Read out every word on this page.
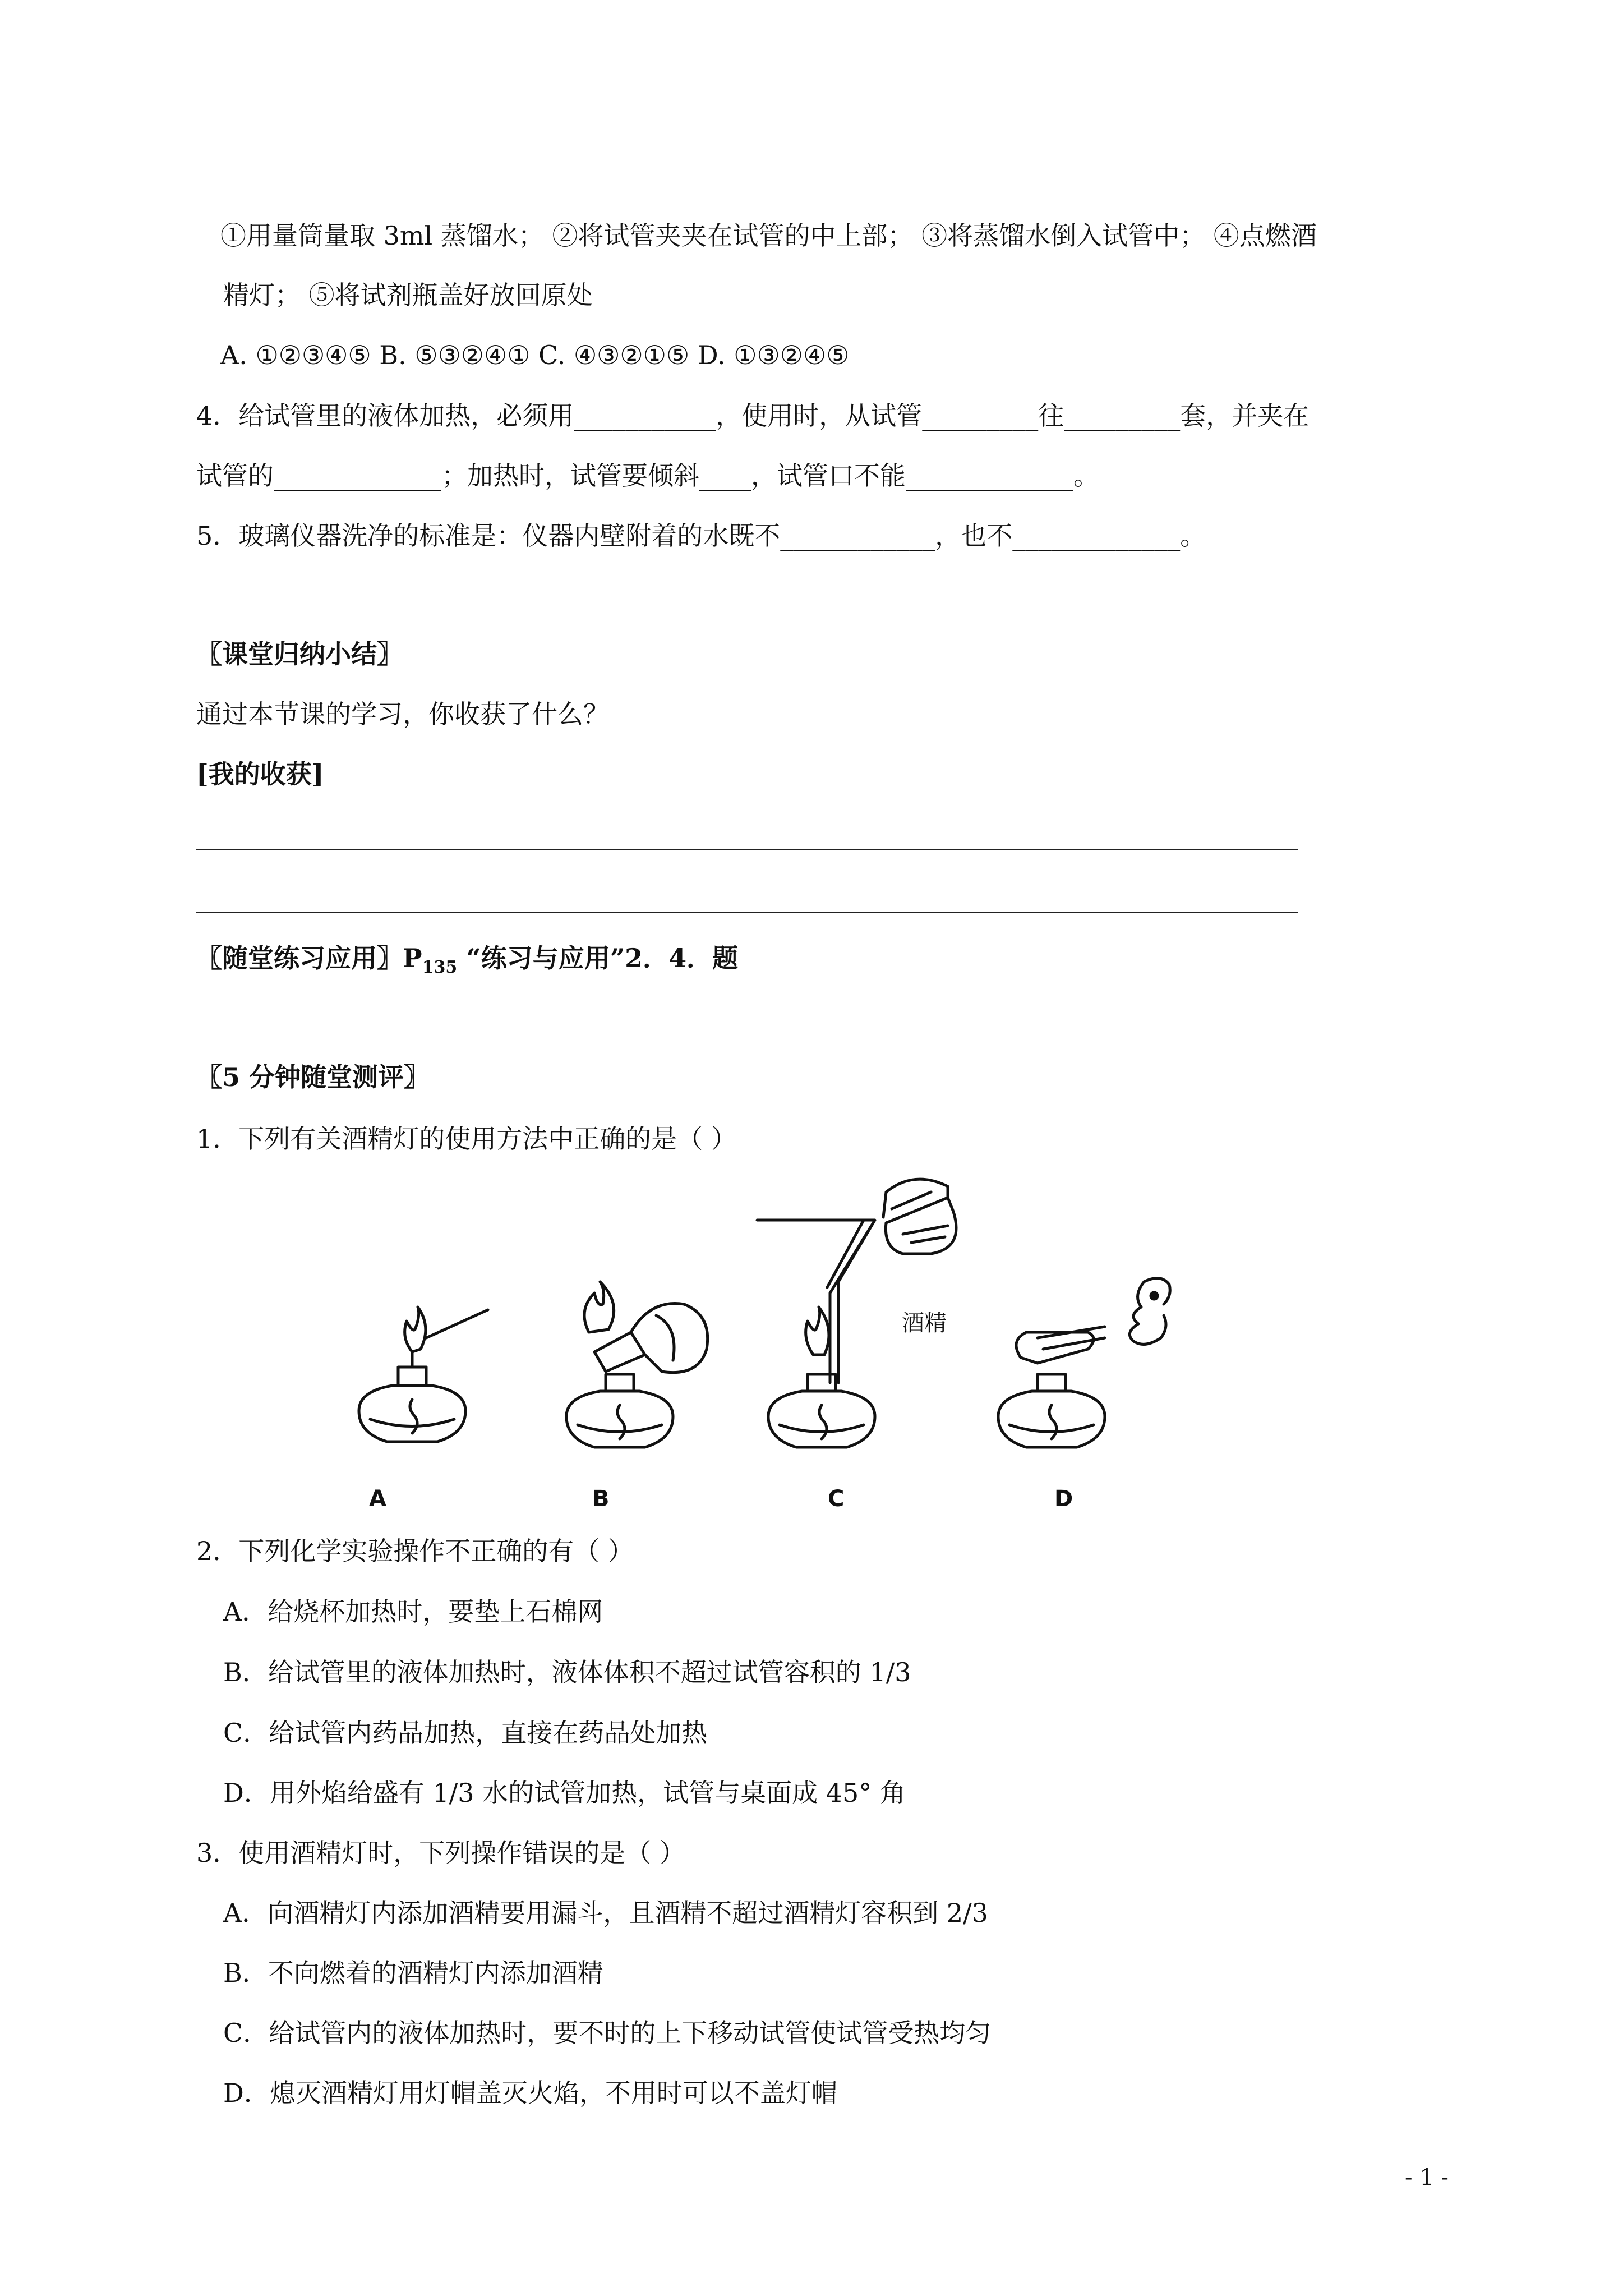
①用量筒量取 3ml 蒸馏水； ②将试管夹夹在试管的中上部； ③将蒸馏水倒入试管中； ④点燃酒
精灯； ⑤将试剂瓶盖好放回原处
A. ①②③④⑤ B. ⑤③②④① C. ④③②①⑤ D. ①③②④⑤
4．给试管里的液体加热，必须用___________，使用时，从试管_________往_________套，并夹在
试管的_____________；加热时，试管要倾斜____，试管口不能_____________。
5．玻璃仪器洗净的标准是：仪器内壁附着的水既不____________，也不_____________。
〖课堂归纳小结〗
通过本节课的学习，你收获了什么？
[我的收获]
〖随堂练习应用〗$P_{135}$ “练习与应用”2．4．题
〖5 分钟随堂测评〗
1．下列有关酒精灯的使用方法中正确的是（ ）
酒精
A	B	C	D
2．下列化学实验操作不正确的有（ ）
A．给烧杯加热时，要垫上石棉网
B．给试管里的液体加热时，液体体积不超过试管容积的 1/3
C．给试管内药品加热，直接在药品处加热
D．用外焰给盛有 1/3 水的试管加热，试管与桌面成 45° 角
3．使用酒精灯时，下列操作错误的是（ ）
A．向酒精灯内添加酒精要用漏斗，且酒精不超过酒精灯容积到 2/3
B．不向燃着的酒精灯内添加酒精
C．给试管内的液体加热时，要不时的上下移动试管使试管受热均匀
D．熄灭酒精灯用灯帽盖灭火焰，不用时可以不盖灯帽
- 1 -
